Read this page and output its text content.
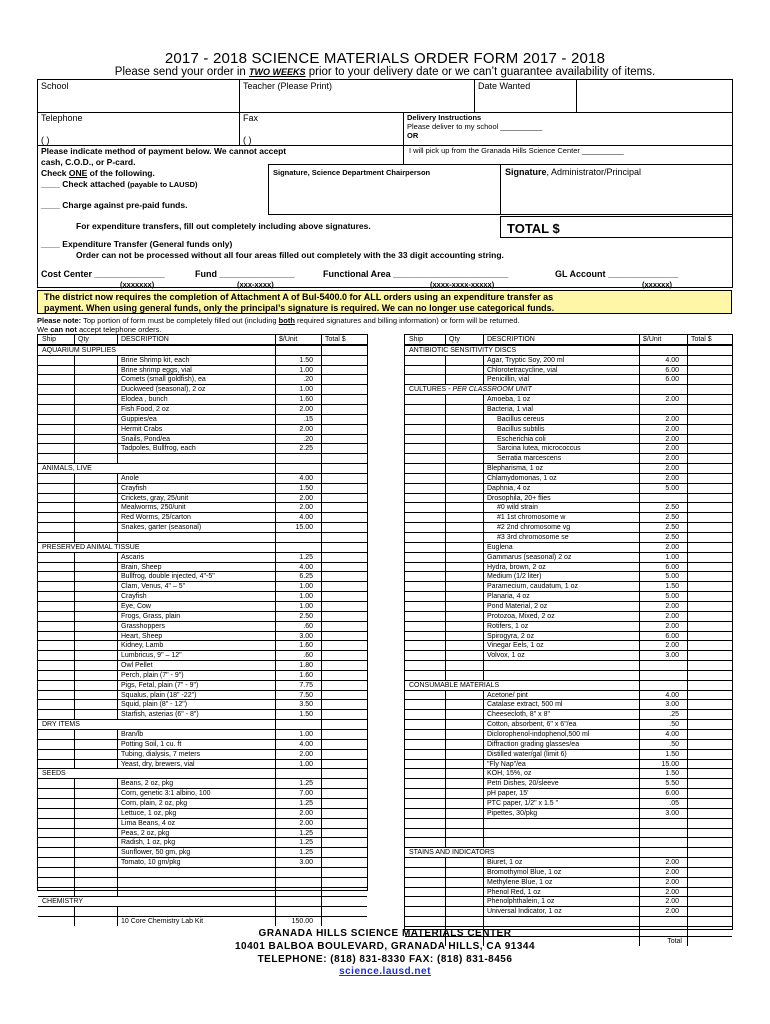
2017 - 2018 SCIENCE MATERIALS ORDER FORM 2017 - 2018
Please send your order in TWO WEEKS prior to your delivery date or we can’t guarantee availability of items.
School	Teacher (Please Print)	Date Wanted
Telephone
( )
Fax
( )
Delivery Instructions
Please deliver to my school __________
OR
I will pick up from the Granada Hills Science Center __________
Please indicate method of payment below. We cannot accept
cash, C.O.D., or P-card.
Check ONE of the following.
____ Check attached (payable to LAUSD)
____ Charge against pre-paid funds.
Signature, Science Department Chairperson	Signature, Administrator/Principal
For expenditure transfers, fill out completely including above signatures.	TOTAL $
____ Expenditure Transfer (General funds only)
Order can not be processed without all four areas filled out completely with the 33 digit accounting string.
Cost Center ______________	Fund _______________	Functional Area _______________________	GL Account ______________
(xxxxxxx)	(xxx-xxxx)	(xxxx-xxxx-xxxxx)	(xxxxxx)
The district now requires the completion of Attachment A of Bul-5400.0 for ALL orders using an expenditure transfer as
payment. When using general funds, only the principal’s signature is required. We can no longer use categorical funds.
Please note: Top portion of form must be completely filled out (including both required signatures and billing information) or form will be returned.
We can not accept telephone orders.
Ship	Qty	DESCRIPTION	$/Unit	Total $
AQUARIUM SUPPLIES
Brine Shrimp kit, each	1.50
Brine shrimp eggs, vial	1.00
Comets (small goldfish), ea	.20
Duckweed (seasonal), 2 oz	1.00
Elodea , bunch	1.60
Fish Food, 2 oz	2.00
Guppies/ea	.15
Hermit Crabs	2.00
Snails, Pond/ea	.20
Tadpoles, Bullfrog, each	2.25
ANIMALS, LIVE
Anole	4.00
Crayfish	1.50
Crickets, gray, 25/unit	2.00
Mealworms, 250/unit	2.00
Red Worms, 25/carton	4.00
Snakes, garter (seasonal)	15.00
PRESERVED ANIMAL TISSUE
Ascaris	1.25
Brain, Sheep	4.00
Bullfrog, double injected, 4"-5"	6.25
Clam, Venus, 4" – 5"	1.00
Crayfish	1.00
Eye, Cow	1.00
Frogs, Grass, plain	2.50
Grasshoppers	.60
Heart, Sheep	3.00
Kidney, Lamb	1.60
Lumbricus, 9" – 12"	.60
Owl Pellet	1.80
Perch, plain (7" - 9")	1.60
Pigs, Fetal, plain (7" - 9")	7.75
Squalus, plain (18" -22")	7.50
Squid, plain (8" - 12")	3.50
Starfish, asterias (6" - 8")	1.50
DRY ITEMS
Bran/lb	1.00
Potting Soil, 1 cu. ft	4.00
Tubing, dialysis, 7 meters	2.00
Yeast, dry, brewers, vial	1.00
SEEDS
Beans, 2 oz, pkg	1.25
Corn, genetic 3:1 albino, 100	7.00
Corn, plain, 2 oz, pkg	1.25
Lettuce, 1 oz, pkg	2.00
Lima Beans, 4 oz	2.00
Peas, 2 oz, pkg	1.25
Radish, 1 oz, pkg	1.25
Sunflower, 50 gm, pkg	1.25
Tomato, 10 gm/pkg	3.00
CHEMISTRY
10 Core Chemistry Lab Kit	150.00
Ship	Qty	DESCRIPTION	$/Unit	Total $
ANTIBIOTIC SENSITIVITY DISCS
Agar, Tryptic Soy, 200 ml	4.00
Chlorotetracycline, vial	6.00
Penicillin, vial	6.00
CULTURES - PER CLASSROOM UNIT
Amoeba, 1 oz	2.00
Bacteria, 1 vial
Bacillus cereus	2.00
Bacillus subtilis	2.00
Escherichia coli	2.00
Sarcina lutea, micrococcus	2.00
Serratia marcescens	2.00
Blepharisma, 1 oz	2.00
Chlamydomonas, 1 oz	2.00
Daphnia, 4 oz	5.00
Drosophila, 20+ flies
#0 wild strain	2.50
#1 1st chromosome w	2.50
#2 2nd chromosome vg	2.50
#3 3rd chromosome se	2.50
Euglena	2.00
Gammarus (seasonal) 2 oz	1.00
Hydra, brown, 2 oz	6.00
Medium (1/2 liter)	5.00
Paramecium, caudatum, 1 oz	1.50
Planaria, 4 oz	5.00
Pond Material, 2 oz	2.00
Protozoa, Mixed, 2 oz	2.00
Rotifers, 1 oz	2.00
Spirogyra, 2 oz	6.00
Vinegar Eels, 1 oz	2.00
Volvox, 1 oz	3.00
CONSUMABLE MATERIALS
Acetone/ pint	4.00
Catalase extract, 500 ml	3.00
Cheesecloth, 8" x 8"	.25
Cotton, absorbent, 6" x 6"/ea	.50
Diclorophenol-indophenol,500 ml	4.00
Diffraction grading glasses/ea	.50
Distilled water/gal (limit 6)	1.50
"Fly Nap"/ea	15.00
KOH, 15%, oz	1.50
Petri Dishes, 20/sleeve	5.50
pH paper, 15'	6.00
PTC paper, 1/2" x 1.5 "	.05
Pipettes, 30/pkg	3.00
STAINS AND INDICATORS
Biuret, 1 oz	2.00
Bromothymol Blue, 1 oz	2.00
Methylene Blue, 1 oz	2.00
Phenol Red, 1 oz	2.00
Phenolphthalein, 1 oz	2.00
Universal Indicator, 1 oz	2.00
Total
GRANADA HILLS SCIENCE MATERIALS CENTER
10401 BALBOA BOULEVARD, GRANADA HILLS, CA 91344
TELEPHONE: (818) 831-8330 FAX: (818) 831-8456
science.lausd.net
